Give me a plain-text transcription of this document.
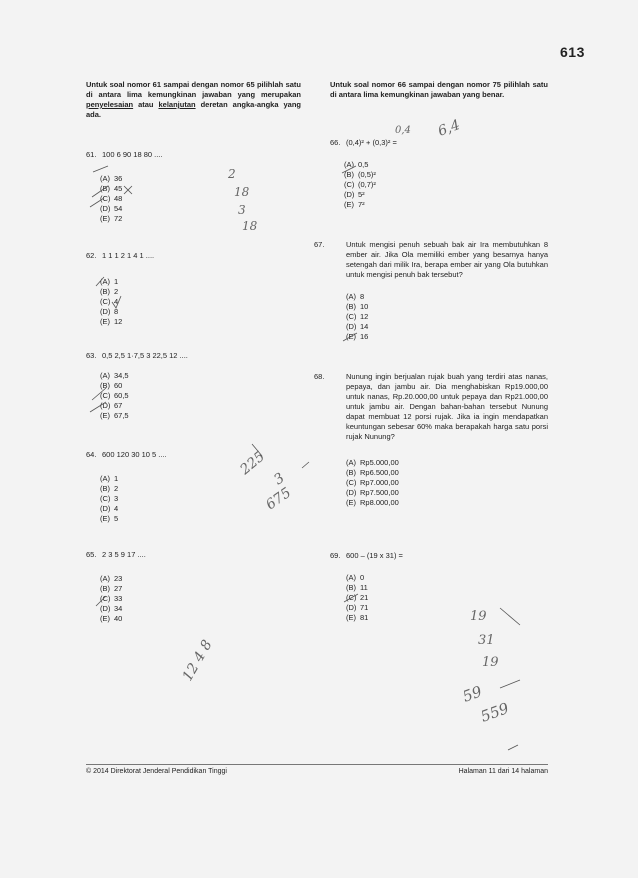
613

Untuk soal nomor 61 sampai dengan nomor 65 pilihlah satu di antara lima kemungkinan jawaban yang merupakan penyelesaian atau kelanjutan deretan angka-angka yang ada.

61. 100 6 90 18 80 ....
(A) 36
(B) 45
(C) 48
(D) 54
(E) 72
62. 1 1 1 2 1 4 1 ....
(A) 1
(B) 2
(C) 4
(D) 8
(E) 12
63. 0,5 2,5 1·7,5 3 22,5 12 ....
(A) 34,5
(B) 60
(C) 60,5
(D) 67
(E) 67,5
64. 600 120 30 10 5 ....
(A) 1
(B) 2
(C) 3
(D) 4
(E) 5
65. 2 3 5 9 17 ....
(A) 23
(B) 27
(C) 33
(D) 34
(E) 40

Untuk soal nomor 66 sampai dengan nomor 75 pilihlah satu di antara lima kemungkinan jawaban yang benar.

66. (0,4)² + (0,3)² =
(A) 0,5
(B) (0,5)²
(C) (0,7)²
(D) 5²
(E) 7²
67.	Untuk mengisi penuh sebuah bak air Ira membutuhkan 8 ember air. Jika Ola memiliki ember yang besarnya hanya setengah dari milik Ira, berapa ember air yang Ola butuhkan untuk mengisi penuh bak tersebut?
(A) 8
(B) 10
(C) 12
(D) 14
(E) 16
68.	Nunung ingin berjualan rujak buah yang terdiri atas nanas, pepaya, dan jambu air. Dia menghabiskan Rp19.000,00 untuk nanas, Rp.20.000,00 untuk pepaya dan Rp21.000,00 untuk jambu air. Dengan bahan-bahan tersebut Nunung dapat membuat 12 porsi rujak. Jika ia ingin mendapatkan keuntungan sebesar 60% maka berapakah harga satu porsi rujak Nunung?
(A) Rp5.000,00
(B) Rp6.500,00
(C) Rp7.000,00
(D) Rp7.500,00
(E) Rp8.000,00
69. 600 – (19 x 31) =
(A) 0
(B) 11
(C) 21
(D) 71
(E) 81
2
18
3
18
225
3
675
12 4 8
0,4 6,4
19
31
19
59
559
© 2014 Direktorat Jenderal Pendidikan Tinggi	Halaman 11 dari 14 halaman
